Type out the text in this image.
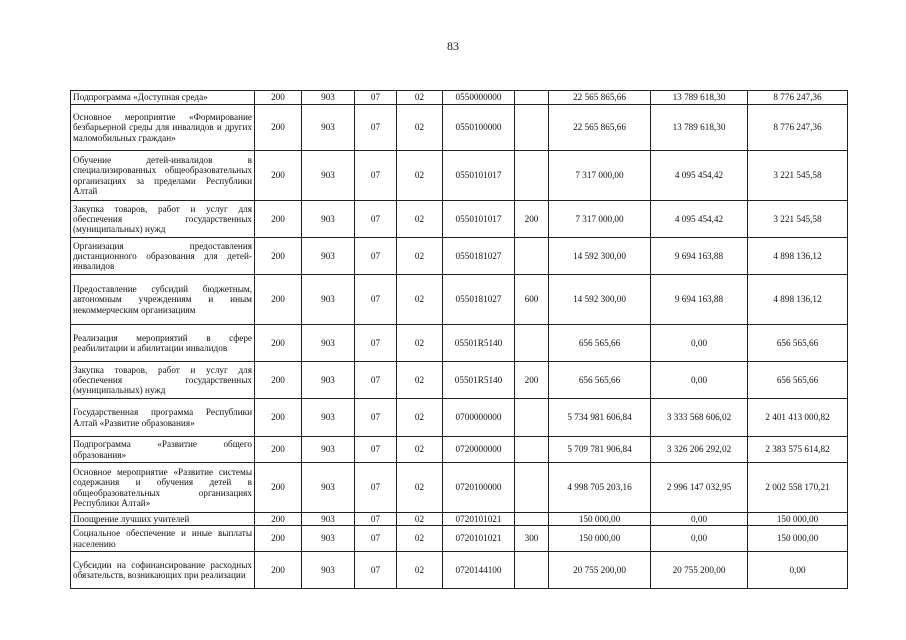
83
Подпрограмма «Доступная среда»	200	903	07	02	0550000000		22 565 865,66	13 789 618,30	8 776 247,36
Основное мероприятие «Формирование безбарьерной среды для инвалидов и других маломобильных граждан»	200	903	07	02	0550100000		22 565 865,66	13 789 618,30	8 776 247,36
Обучение детей-инвалидов в специализированных общеобразовательных организациях за пределами Республики Алтай	200	903	07	02	0550101017		7 317 000,00	4 095 454,42	3 221 545,58
Закупка товаров, работ и услуг для обеспечения государственных (муниципальных) нужд	200	903	07	02	0550101017	200	7 317 000,00	4 095 454,42	3 221 545,58
Организация предоставления дистанционного образования для детей-инвалидов	200	903	07	02	0550181027		14 592 300,00	9 694 163,88	4 898 136,12
Предоставление субсидий бюджетным, автономным учреждениям и иным некоммерческим организациям	200	903	07	02	0550181027	600	14 592 300,00	9 694 163,88	4 898 136,12
Реализация мероприятий в сфере реабилитации и абилитации инвалидов	200	903	07	02	05501R5140		656 565,66	0,00	656 565,66
Закупка товаров, работ и услуг для обеспечения государственных (муниципальных) нужд	200	903	07	02	05501R5140	200	656 565,66	0,00	656 565,66
Государственная программа Республики Алтай «Развитие образования»	200	903	07	02	0700000000		5 734 981 606,84	3 333 568 606,02	2 401 413 000,82
Подпрограмма «Развитие общего образования»	200	903	07	02	0720000000		5 709 781 906,84	3 326 206 292,02	2 383 575 614,82
Основное мероприятие «Развитие системы содержания и обучения детей в общеобразовательных организациях Республики Алтай»	200	903	07	02	0720100000		4 998 705 203,16	2 996 147 032,95	2 002 558 170,21
Поощрение лучших учителей	200	903	07	02	0720101021		150 000,00	0,00	150 000,00
Социальное обеспечение и иные выплаты населению	200	903	07	02	0720101021	300	150 000,00	0,00	150 000,00
Субсидии на софинансирование расходных обязательств, возникающих при реализации	200	903	07	02	0720144100		20 755 200,00	20 755 200,00	0,00
